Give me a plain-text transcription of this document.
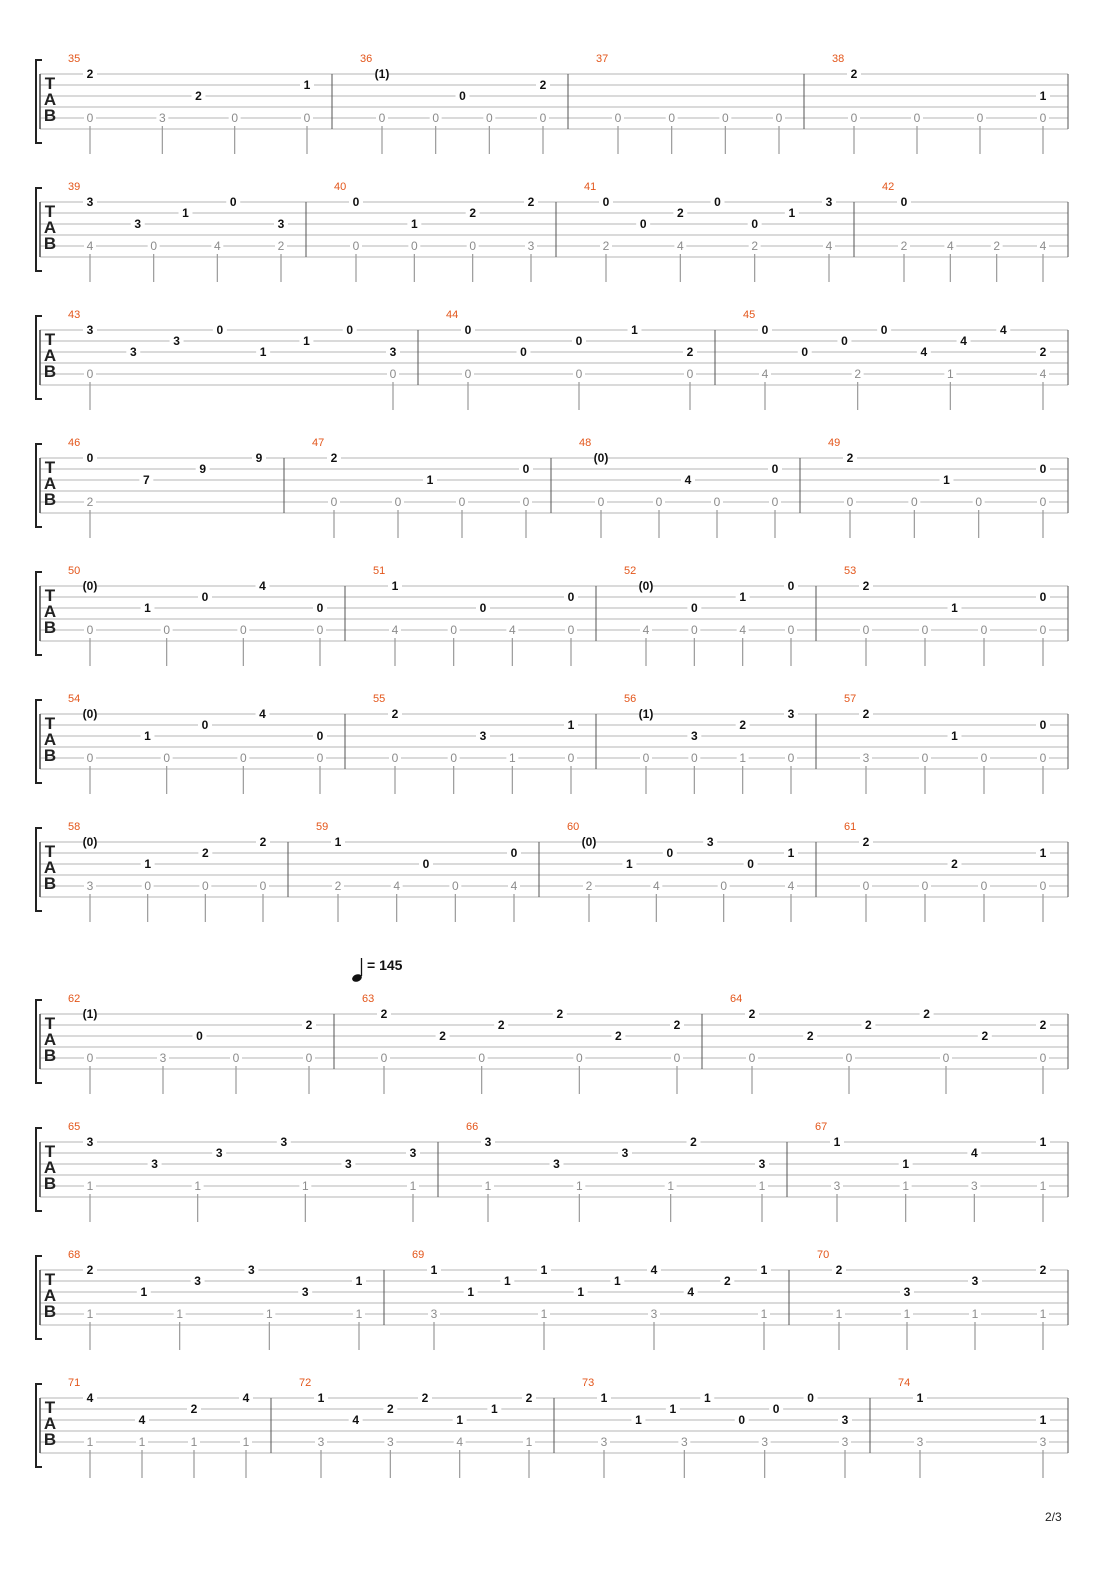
T
A
B
35
2
2
1
0	3	0	0
36
(1)
0
2
0	0	0	0
37
0	0	0	0
38
2
1
0	0	0	0
T
A
B
39
3
3
1
0
3
4	0	4	2
40
0
1
2
2
0	0	0	3
41
0
0
2
0
0
1
3
2	4	2	4
42
0
2	4	2	4
T
A
B
43
3
3
3
0
1
1
0
3
0	0
44
0
0
0
1
2
0	0	0
45
0
0
0
0
4
4
4
2
4	2	1	4
T
A
B
46
0
7
9
9
2
47
2
1
0
0	0	0	0
48
(0)
4
0
0	0	0	0
49
2
1
0
0	0	0	0
T
A
B
50
(0)
1
0
4
0
0	0	0	0
51
1
0
0
4	0	4	0
52
(0)
0
1
0
4	0	4	0
53
2
1
0
0	0	0	0
T
A
B
54
(0)
1
0
4
0
0	0	0	0
55
2
3
1
0	0	1	0
56
(1)
3
2
3
0	0	1	0
57
2
1
0
3	0	0	0
T
A
B
58
(0)
1
2
2
3	0	0	0
59
1
0
0
2	4	0	4
60
(0)
1
0
3
0
1
2	4	0	4
61
2
2
1
0	0	0	0
T
A
B
62
(1)
0
2
0	3	0	0
63
2
2
2
2
2
2
0	0	0	0
64
2
2
2
2
2
2
0	0	0	0
T
A
B
65
3
3
3
3
3
3
1	1	1	1
66
3
3
3
2
3
1	1	1	1
67
1
1
4
1
3	1	3	1
T
A
B
68
2
1
3
3
3
1
1	1	1	1
69
1
1
1
1
1
1
4
4
2
1
3	1	3	1
70
2
3
3
2
1	1	1	1
T
A
B
71
4
4
2
4
1	1	1	1
72
1
4
2
2
1
1
2
3	3	4	1
73
1
1
1
1
0
0
0
3
3	3	3	3
74
1
1
3	3
= 145
2/3
